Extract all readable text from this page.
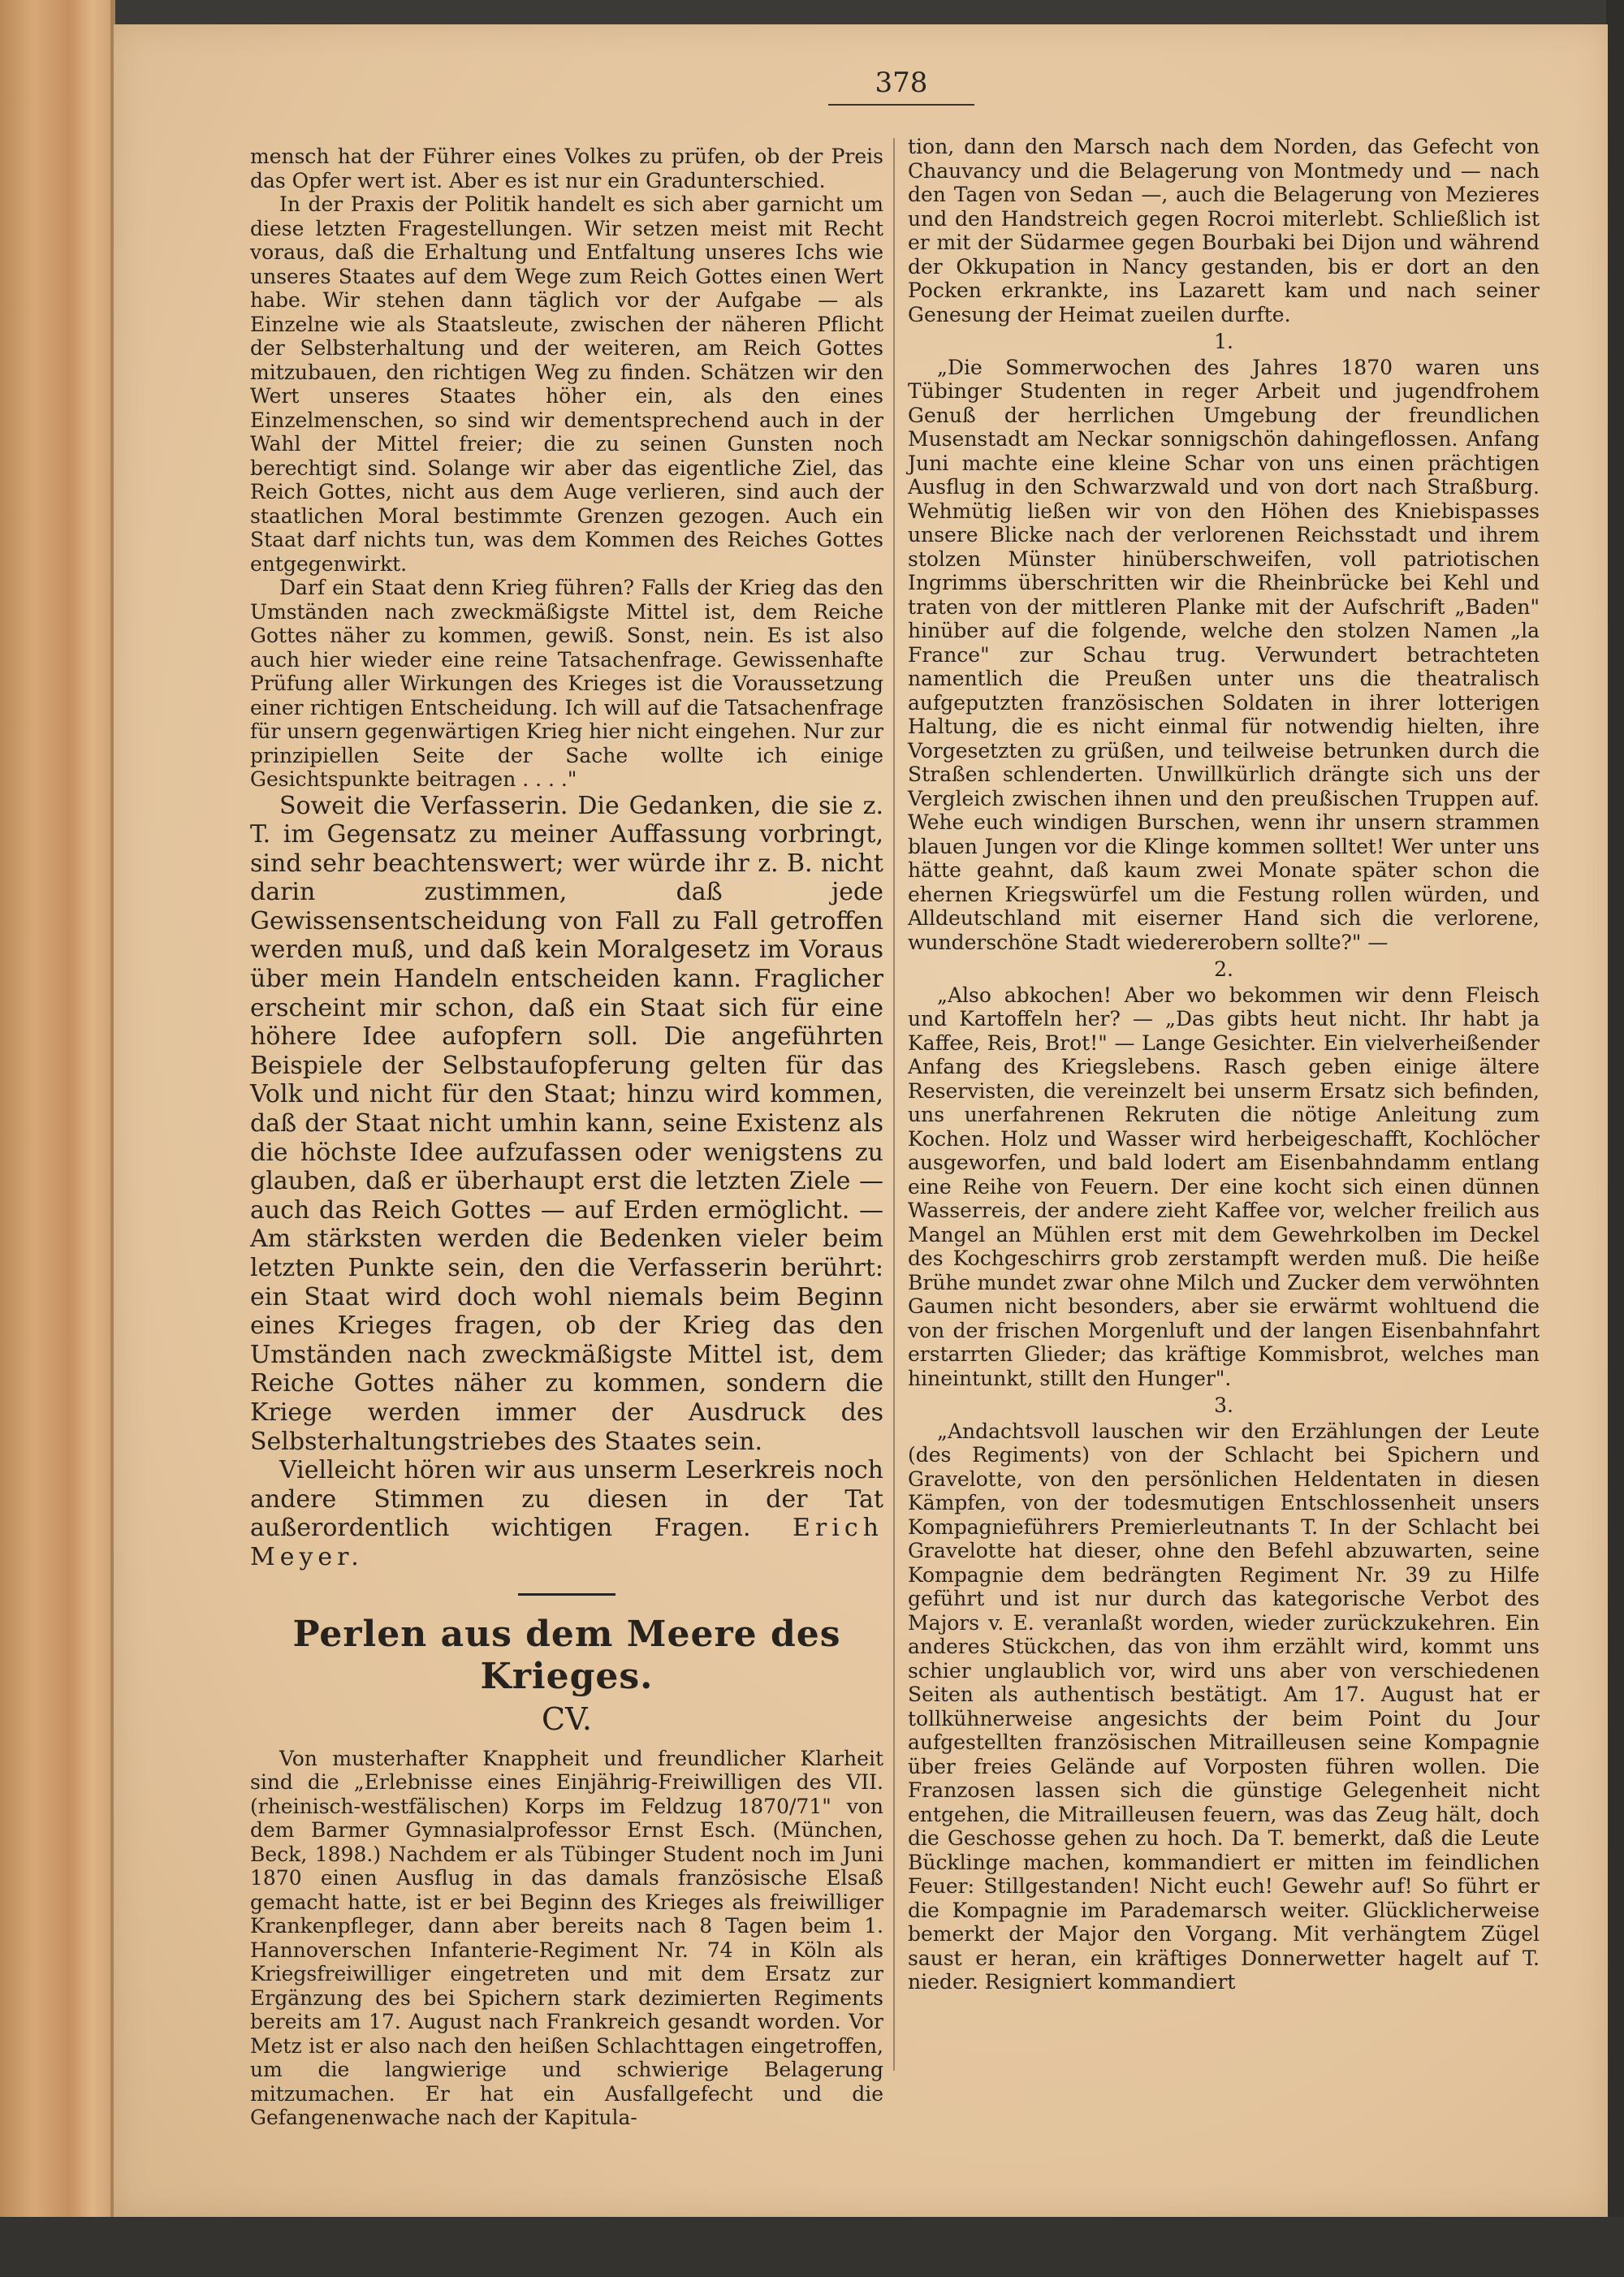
378

mensch hat der Führer eines Volkes zu prüfen, ob der Preis das Opfer wert ist. Aber es ist nur ein Gradunterschied.

In der Praxis der Politik handelt es sich aber garnicht um diese letzten Fragestellungen. Wir setzen meist mit Recht voraus, daß die Erhaltung und Entfaltung unseres Ichs wie unseres Staates auf dem Wege zum Reich Gottes einen Wert habe. Wir stehen dann täglich vor der Aufgabe — als Einzelne wie als Staatsleute, zwischen der näheren Pflicht der Selbsterhaltung und der weiteren, am Reich Gottes mitzubauen, den richtigen Weg zu finden. Schätzen wir den Wert unseres Staates höher ein, als den eines Einzelmenschen, so sind wir dementsprechend auch in der Wahl der Mittel freier; die zu seinen Gunsten noch berechtigt sind. Solange wir aber das eigentliche Ziel, das Reich Gottes, nicht aus dem Auge verlieren, sind auch der staatlichen Moral bestimmte Grenzen gezogen. Auch ein Staat darf nichts tun, was dem Kommen des Reiches Gottes entgegenwirkt.

Darf ein Staat denn Krieg führen? Falls der Krieg das den Umständen nach zweckmäßigste Mittel ist, dem Reiche Gottes näher zu kommen, gewiß. Sonst, nein. Es ist also auch hier wieder eine reine Tatsachenfrage. Gewissenhafte Prüfung aller Wirkungen des Krieges ist die Voraussetzung einer richtigen Entscheidung. Ich will auf die Tatsachenfrage für unsern gegenwärtigen Krieg hier nicht eingehen. Nur zur prinzipiellen Seite der Sache wollte ich einige Gesichtspunkte beitragen . . . ."

Soweit die Verfasserin. Die Gedanken, die sie z. T. im Gegensatz zu meiner Auffassung vorbringt, sind sehr beachtenswert; wer würde ihr z. B. nicht darin zustimmen, daß jede Gewissensentscheidung von Fall zu Fall getroffen werden muß, und daß kein Moralgesetz im Voraus über mein Handeln entscheiden kann. Fraglicher erscheint mir schon, daß ein Staat sich für eine höhere Idee aufopfern soll. Die angeführten Beispiele der Selbstaufopferung gelten für das Volk und nicht für den Staat; hinzu wird kommen, daß der Staat nicht umhin kann, seine Existenz als die höchste Idee aufzufassen oder wenigstens zu glauben, daß er überhaupt erst die letzten Ziele — auch das Reich Gottes — auf Erden ermöglicht. — Am stärksten werden die Bedenken vieler beim letzten Punkte sein, den die Verfasserin berührt: ein Staat wird doch wohl niemals beim Beginn eines Krieges fragen, ob der Krieg das den Umständen nach zweckmäßigste Mittel ist, dem Reiche Gottes näher zu kommen, sondern die Kriege werden immer der Ausdruck des Selbsterhaltungstriebes des Staates sein.

Vielleicht hören wir aus unserm Leserkreis noch andere Stimmen zu diesen in der Tat außerordentlich wichtigen Fragen. Erich Meyer.

Perlen aus dem Meere des Krieges.
CV.

Von musterhafter Knappheit und freundlicher Klarheit sind die „Erlebnisse eines Einjährig-Freiwilligen des VII. (rheinisch-westfälischen) Korps im Feldzug 1870/71" von dem Barmer Gymnasialprofessor Ernst Esch. (München, Beck, 1898.) Nachdem er als Tübinger Student noch im Juni 1870 einen Ausflug in das damals französische Elsaß gemacht hatte, ist er bei Beginn des Krieges als freiwilliger Krankenpfleger, dann aber bereits nach 8 Tagen beim 1. Hannoverschen Infanterie-Regiment Nr. 74 in Köln als Kriegsfreiwilliger eingetreten und mit dem Ersatz zur Ergänzung des bei Spichern stark dezimierten Regiments bereits am 17. August nach Frankreich gesandt worden. Vor Metz ist er also nach den heißen Schlachttagen eingetroffen, um die langwierige und schwierige Belagerung mitzumachen. Er hat ein Ausfallgefecht und die Gefangenenwache nach der Kapitula-

tion, dann den Marsch nach dem Norden, das Gefecht von Chauvancy und die Belagerung von Montmedy und — nach den Tagen von Sedan —, auch die Belagerung von Mezieres und den Handstreich gegen Rocroi miterlebt. Schließlich ist er mit der Südarmee gegen Bourbaki bei Dijon und während der Okkupation in Nancy gestanden, bis er dort an den Pocken erkrankte, ins Lazarett kam und nach seiner Genesung der Heimat zueilen durfte.

1.

„Die Sommerwochen des Jahres 1870 waren uns Tübinger Studenten in reger Arbeit und jugendfrohem Genuß der herrlichen Umgebung der freundlichen Musenstadt am Neckar sonnigschön dahingeflossen. Anfang Juni machte eine kleine Schar von uns einen prächtigen Ausflug in den Schwarzwald und von dort nach Straßburg. Wehmütig ließen wir von den Höhen des Kniebispasses unsere Blicke nach der verlorenen Reichsstadt und ihrem stolzen Münster hinüberschweifen, voll patriotischen Ingrimms überschritten wir die Rheinbrücke bei Kehl und traten von der mittleren Planke mit der Aufschrift „Baden" hinüber auf die folgende, welche den stolzen Namen „la France" zur Schau trug. Verwundert betrachteten namentlich die Preußen unter uns die theatralisch aufgeputzten französischen Soldaten in ihrer lotterigen Haltung, die es nicht einmal für notwendig hielten, ihre Vorgesetzten zu grüßen, und teilweise betrunken durch die Straßen schlenderten. Unwillkürlich drängte sich uns der Vergleich zwischen ihnen und den preußischen Truppen auf. Wehe euch windigen Burschen, wenn ihr unsern strammen blauen Jungen vor die Klinge kommen solltet! Wer unter uns hätte geahnt, daß kaum zwei Monate später schon die ehernen Kriegswürfel um die Festung rollen würden, und Alldeutschland mit eiserner Hand sich die verlorene, wunderschöne Stadt wiedererobern sollte?" —

2.

„Also abkochen! Aber wo bekommen wir denn Fleisch und Kartoffeln her? — „Das gibts heut nicht. Ihr habt ja Kaffee, Reis, Brot!" — Lange Gesichter. Ein vielverheißender Anfang des Kriegslebens. Rasch geben einige ältere Reservisten, die vereinzelt bei unserm Ersatz sich befinden, uns unerfahrenen Rekruten die nötige Anleitung zum Kochen. Holz und Wasser wird herbeigeschafft, Kochlöcher ausgeworfen, und bald lodert am Eisenbahndamm entlang eine Reihe von Feuern. Der eine kocht sich einen dünnen Wasserreis, der andere zieht Kaffee vor, welcher freilich aus Mangel an Mühlen erst mit dem Gewehrkolben im Deckel des Kochgeschirrs grob zerstampft werden muß. Die heiße Brühe mundet zwar ohne Milch und Zucker dem verwöhnten Gaumen nicht besonders, aber sie erwärmt wohltuend die von der frischen Morgenluft und der langen Eisenbahnfahrt erstarrten Glieder; das kräftige Kommisbrot, welches man hineintunkt, stillt den Hunger".

3.

„Andachtsvoll lauschen wir den Erzählungen der Leute (des Regiments) von der Schlacht bei Spichern und Gravelotte, von den persönlichen Heldentaten in diesen Kämpfen, von der todesmutigen Entschlossenheit unsers Kompagnieführers Premierleutnants T. In der Schlacht bei Gravelotte hat dieser, ohne den Befehl abzuwarten, seine Kompagnie dem bedrängten Regiment Nr. 39 zu Hilfe geführt und ist nur durch das kategorische Verbot des Majors v. E. veranlaßt worden, wieder zurückzukehren. Ein anderes Stückchen, das von ihm erzählt wird, kommt uns schier unglaublich vor, wird uns aber von verschiedenen Seiten als authentisch bestätigt. Am 17. August hat er tollkühnerweise angesichts der beim Point du Jour aufgestellten französischen Mitrailleusen seine Kompagnie über freies Gelände auf Vorposten führen wollen. Die Franzosen lassen sich die günstige Gelegenheit nicht entgehen, die Mitrailleusen feuern, was das Zeug hält, doch die Geschosse gehen zu hoch. Da T. bemerkt, daß die Leute Bücklinge machen, kommandiert er mitten im feindlichen Feuer: Stillgestanden! Nicht euch! Gewehr auf! So führt er die Kompagnie im Parademarsch weiter. Glücklicherweise bemerkt der Major den Vorgang. Mit verhängtem Zügel saust er heran, ein kräftiges Donnerwetter hagelt auf T. nieder. Resigniert kommandiert
